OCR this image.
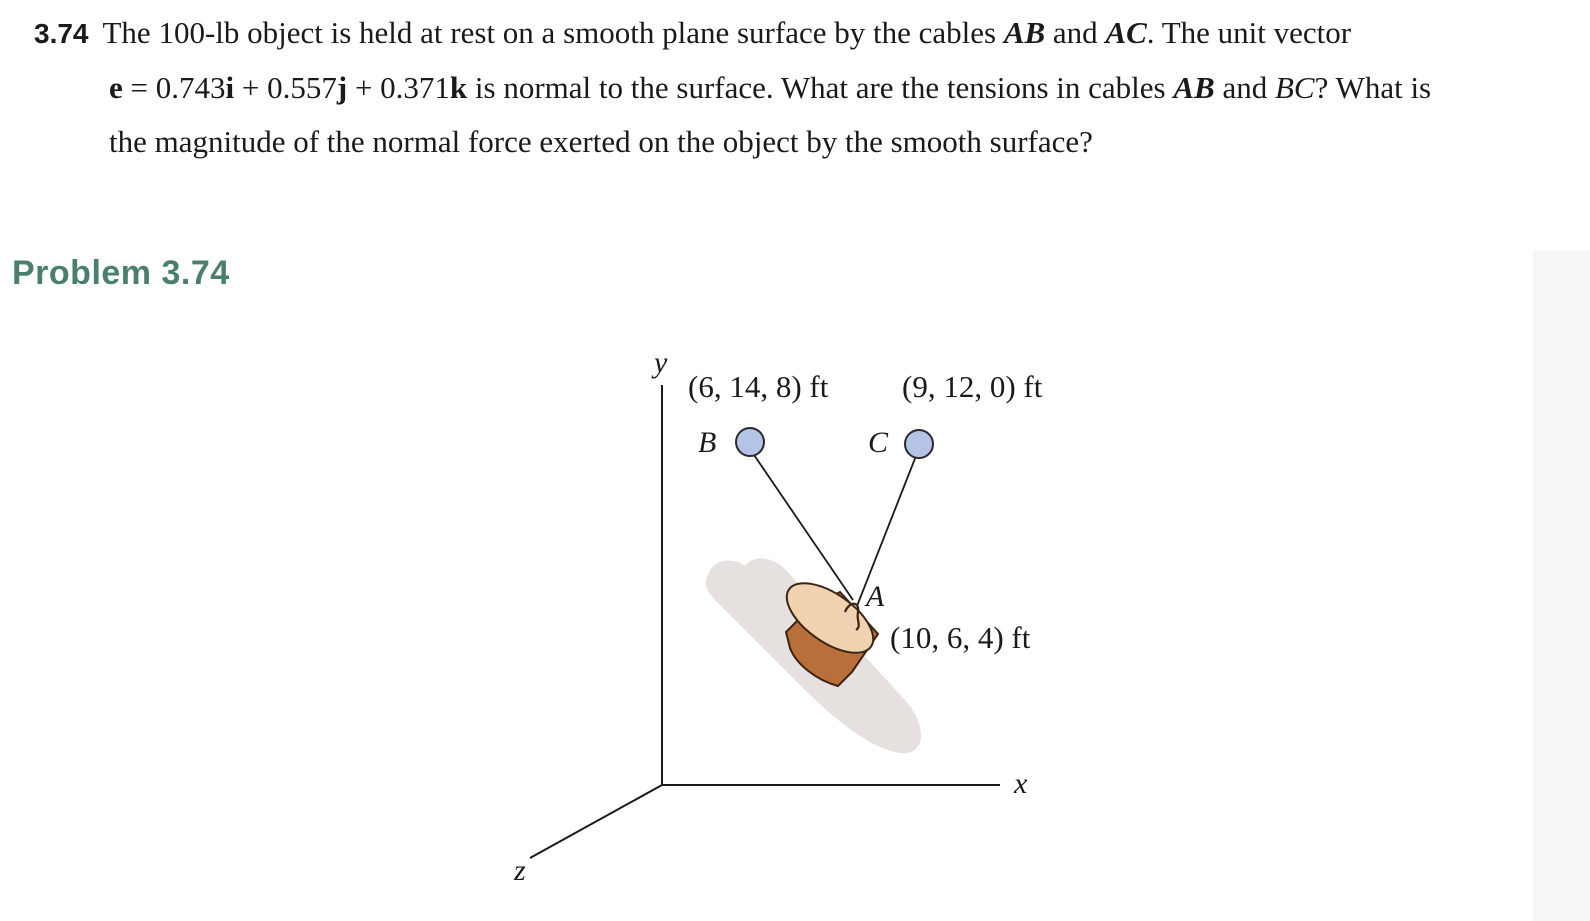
3.74 The 100-lb object is held at rest on a smooth plane surface by the cables AB and AC. The unit vector
e = 0.743i + 0.557j + 0.371k is normal to the surface. What are the tensions in cables AB and BC? What is
the magnitude of the normal force exerted on the object by the smooth surface?
Problem 3.74
y
x
z
B	C
A
(6, 14, 8) ft (9, 12, 0) ft
(10, 6, 4) ft
